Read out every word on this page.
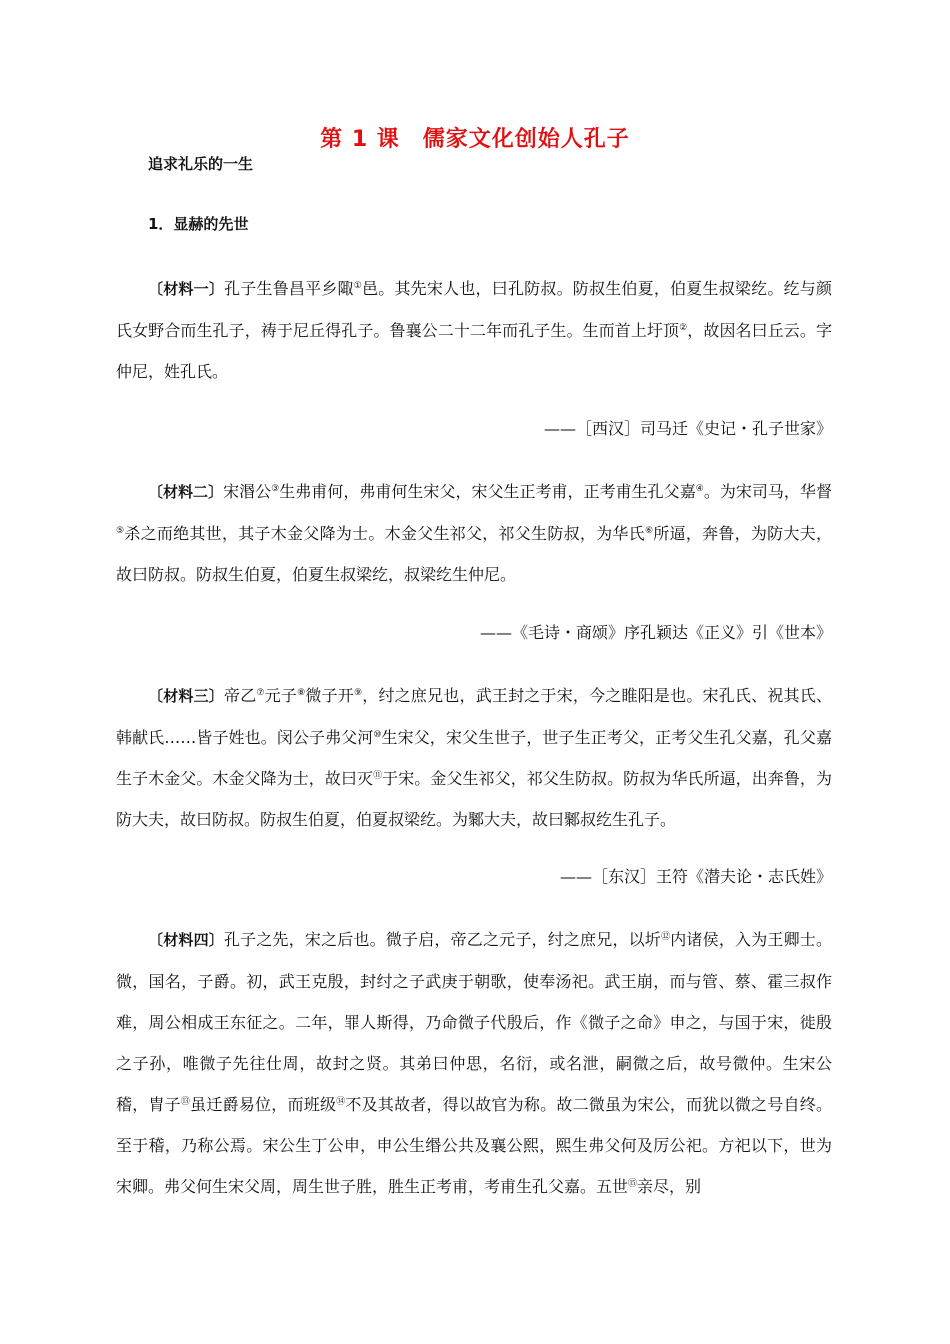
第 1 课　儒家文化创始人孔子
追求礼乐的一生
1．显赫的先世
〔材料一〕孔子生鲁昌平乡陬①邑。其先宋人也，曰孔防叔。防叔生伯夏，伯夏生叔梁纥。纥与颜氏女野合而生孔子，祷于尼丘得孔子。鲁襄公二十二年而孔子生。生而首上圩顶②，故因名曰丘云。字仲尼，姓孔氏。
——［西汉］司马迁《史记・孔子世家》
〔材料二〕宋湣公③生弗甫何，弗甫何生宋父，宋父生正考甫，正考甫生孔父嘉④。为宋司马，华督⑤杀之而绝其世，其子木金父降为士。木金父生祁父，祁父生防叔，为华氏⑥所逼，奔鲁，为防大夫，故曰防叔。防叔生伯夏，伯夏生叔梁纥，叔梁纥生仲尼。
——《毛诗・商颂》序孔颖达《正义》引《世本》
〔材料三〕帝乙⑦元子⑧微子开⑨，纣之庶兄也，武王封之于宋，今之睢阳是也。宋孔氏、祝其氏、韩献氏……皆子姓也。闵公子弗父河⑩生宋父，宋父生世子，世子生正考父，正考父生孔父嘉，孔父嘉生子木金父。木金父降为士，故曰灭⑪于宋。金父生祁父，祁父生防叔。防叔为华氏所逼，出奔鲁，为防大夫，故曰防叔。防叔生伯夏，伯夏叔梁纥。为鄹大夫，故曰鄹叔纥生孔子。
——［东汉］王符《潜夫论・志氏姓》
〔材料四〕孔子之先，宋之后也。微子启，帝乙之元子，纣之庶兄，以圻⑫内诸侯，入为王卿士。微，国名，子爵。初，武王克殷，封纣之子武庚于朝歌，使奉汤祀。武王崩，而与管、蔡、霍三叔作难，周公相成王东征之。二年，罪人斯得，乃命微子代殷后，作《微子之命》申之，与国于宋，徙殷之子孙，唯微子先往仕周，故封之贤。其弟曰仲思，名衍，或名泄，嗣微之后，故号微仲。生宋公稽，胄子⑬虽迁爵易位，而班级⑭不及其故者，得以故官为称。故二微虽为宋公，而犹以微之号自终。至于稽，乃称公焉。宋公生丁公申，申公生缗公共及襄公熙，熙生弗父何及厉公祀。方祀以下，世为宋卿。弗父何生宋父周，周生世子胜，胜生正考甫，考甫生孔父嘉。五世⑮亲尽，别
